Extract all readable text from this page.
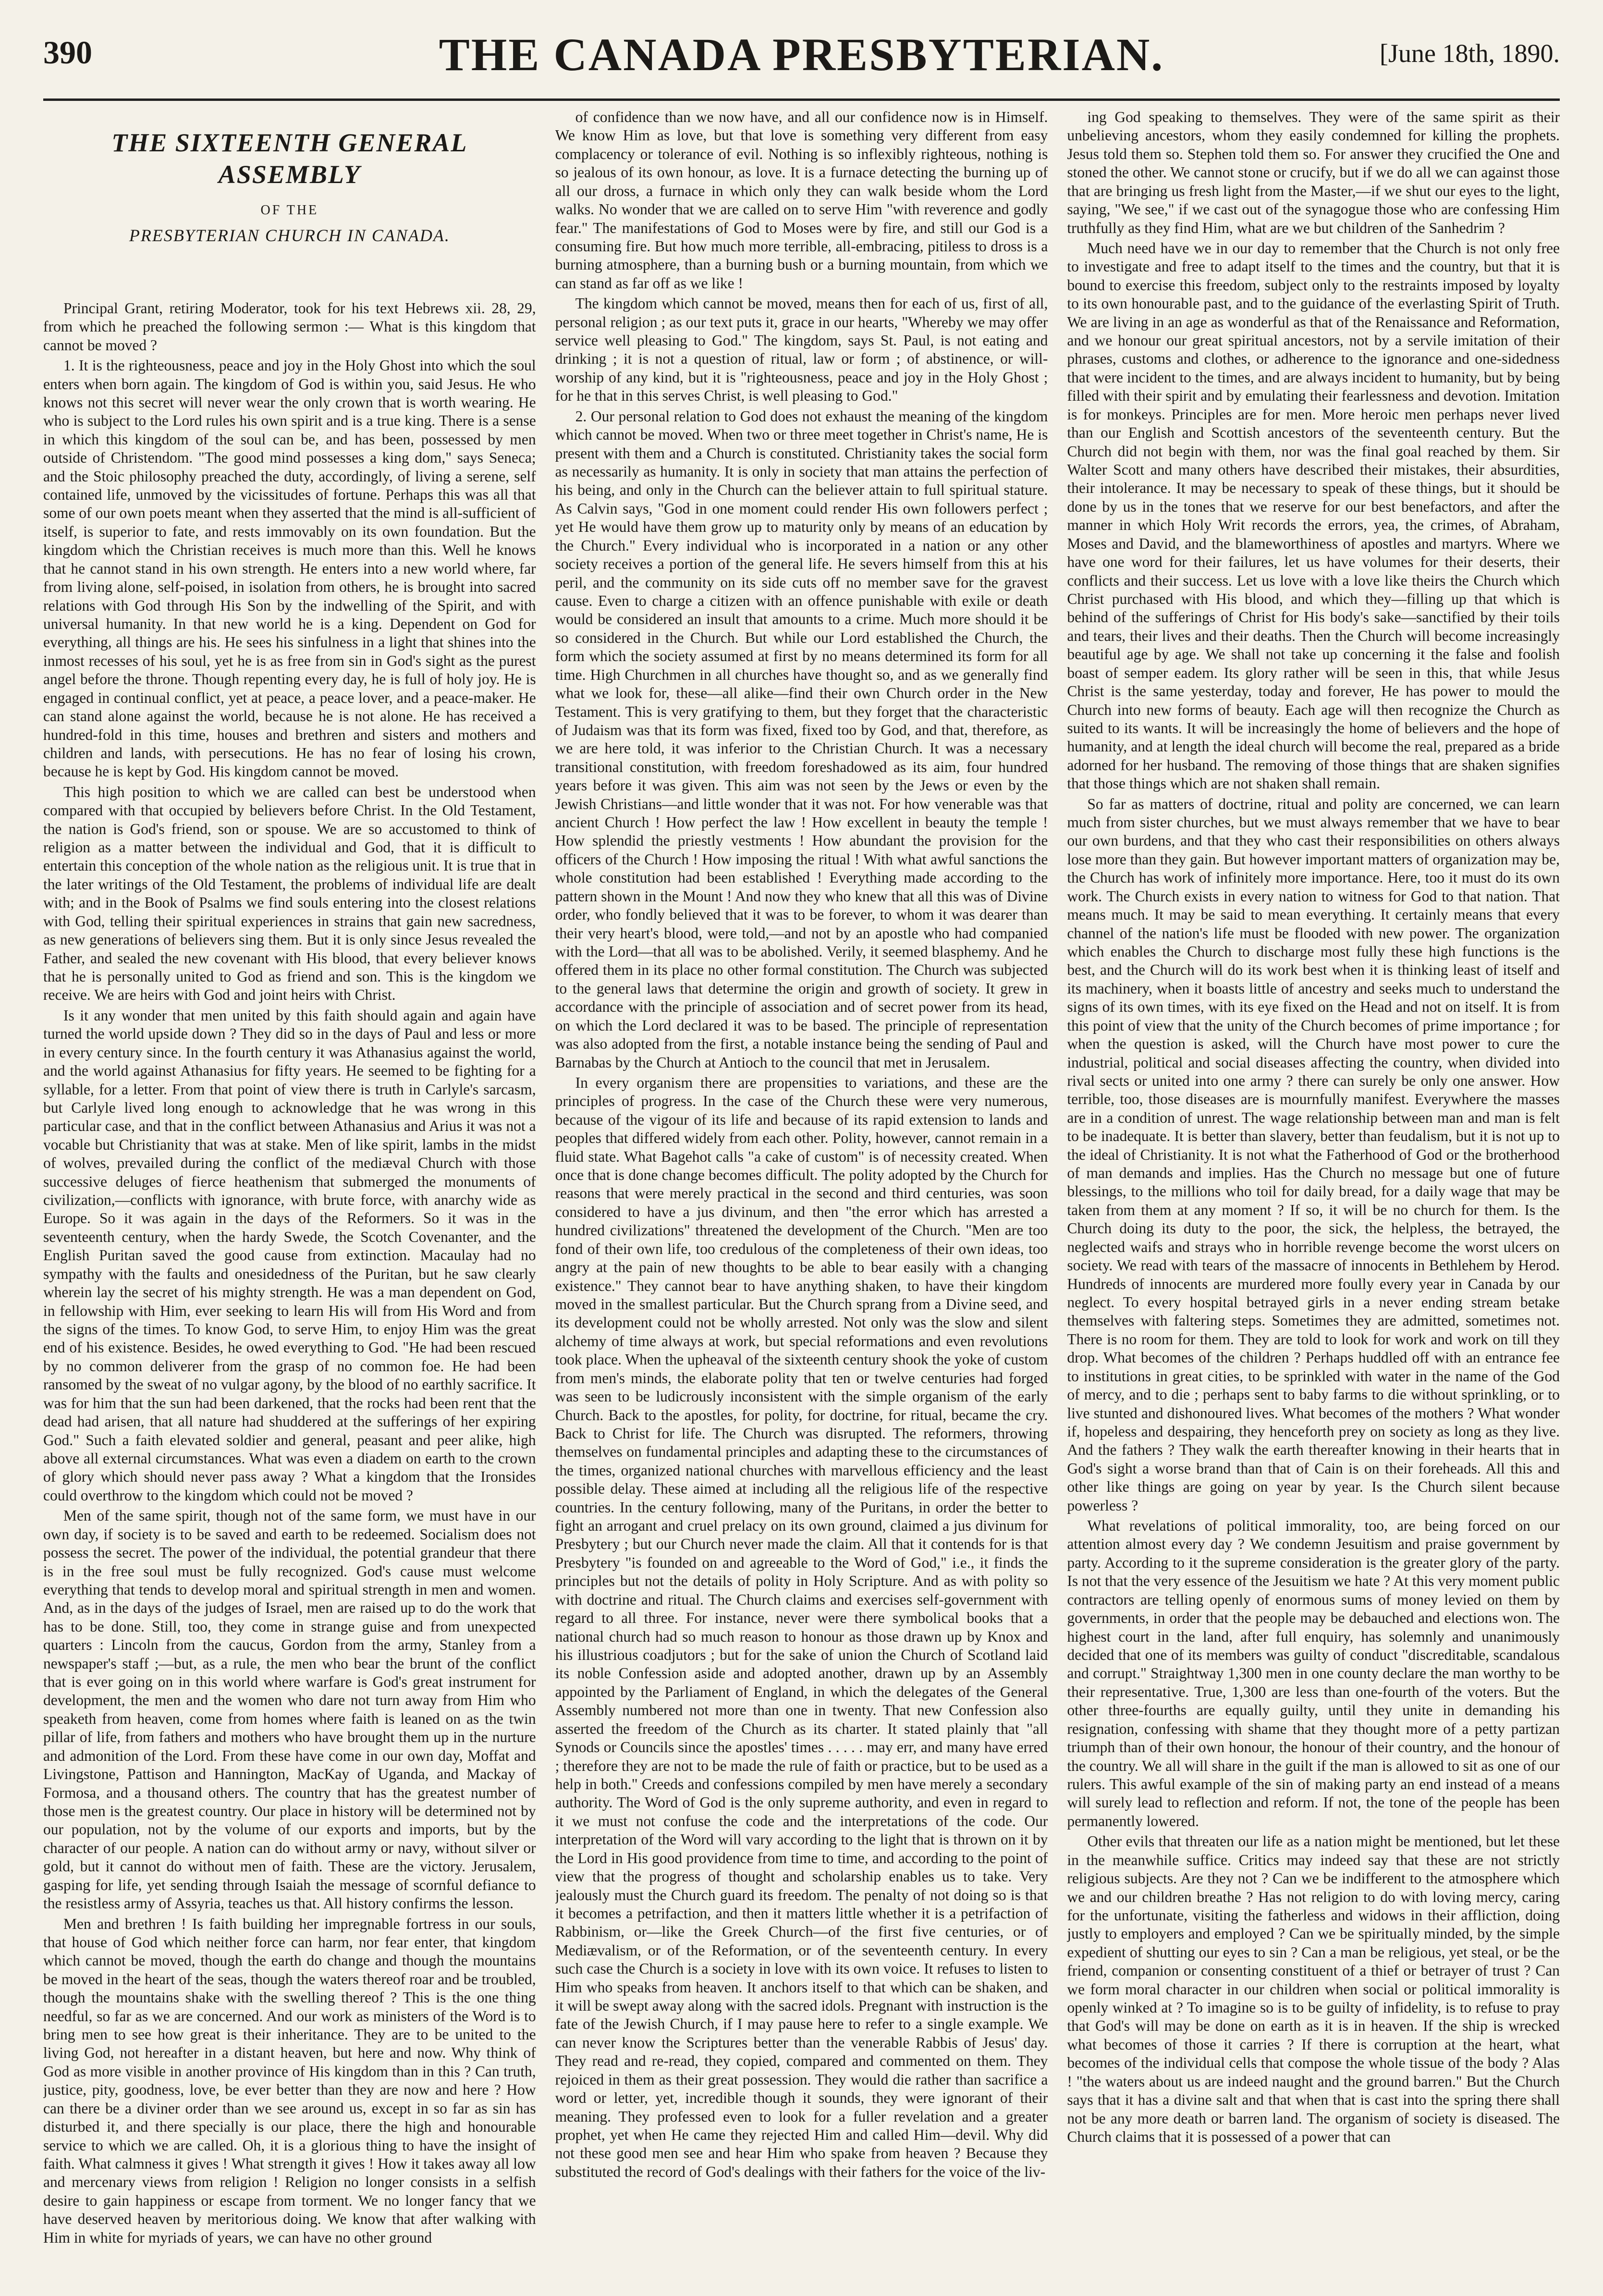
390	THE CANADA PRESBYTERIAN.	[June 18th, 1890.
THE SIXTEENTH GENERAL ASSEMBLY
OF THE
PRESBYTERIAN CHURCH IN CANADA.

Principal Grant, retiring Moderator, took for his text Hebrews xii. 28, 29, from which he preached the following sermon :— What is this kingdom that cannot be moved ?

1. It is the righteousness, peace and joy in the Holy Ghost into which the soul enters when born again. The kingdom of God is within you, said Jesus. He who knows not this secret will never wear the only crown that is worth wearing. He who is subject to the Lord rules his own spirit and is a true king. There is a sense in which this kingdom of the soul can be, and has been, possessed by men outside of Christendom. "The good mind possesses a king dom," says Seneca; and the Stoic philosophy preached the duty, accordingly, of living a serene, self contained life, unmoved by the vicissitudes of fortune. Perhaps this was all that some of our own poets meant when they asserted that the mind is all-sufficient of itself, is superior to fate, and rests immovably on its own foundation. But the kingdom which the Christian receives is much more than this. Well he knows that he cannot stand in his own strength. He enters into a new world where, far from living alone, self-poised, in isolation from others, he is brought into sacred relations with God through His Son by the indwelling of the Spirit, and with universal humanity. In that new world he is a king. Dependent on God for everything, all things are his. He sees his sinfulness in a light that shines into the inmost recesses of his soul, yet he is as free from sin in God's sight as the purest angel before the throne. Though repenting every day, he is full of holy joy. He is engaged in continual conflict, yet at peace, a peace lover, and a peace-maker. He can stand alone against the world, because he is not alone. He has received a hundred-fold in this time, houses and brethren and sisters and mothers and children and lands, with persecutions. He has no fear of losing his crown, because he is kept by God. His kingdom cannot be moved.

This high position to which we are called can best be understood when compared with that occupied by believers before Christ. In the Old Testament, the nation is God's friend, son or spouse. We are so accustomed to think of religion as a matter between the individual and God, that it is difficult to entertain this conception of the whole nation as the religious unit. It is true that in the later writings of the Old Testament, the problems of individual life are dealt with; and in the Book of Psalms we find souls entering into the closest relations with God, telling their spiritual experiences in strains that gain new sacredness, as new generations of believers sing them. But it is only since Jesus revealed the Father, and sealed the new covenant with His blood, that every believer knows that he is personally united to God as friend and son. This is the kingdom we receive. We are heirs with God and joint heirs with Christ.

Is it any wonder that men united by this faith should again and again have turned the world upside down ? They did so in the days of Paul and less or more in every century since. In the fourth century it was Athanasius against the world, and the world against Athanasius for fifty years. He seemed to be fighting for a syllable, for a letter. From that point of view there is truth in Carlyle's sarcasm, but Carlyle lived long enough to acknowledge that he was wrong in this particular case, and that in the conflict between Athanasius and Arius it was not a vocable but Christianity that was at stake. Men of like spirit, lambs in the midst of wolves, prevailed during the conflict of the mediæval Church with those successive deluges of fierce heathenism that submerged the monuments of civilization,—conflicts with ignorance, with brute force, with anarchy wide as Europe. So it was again in the days of the Reformers. So it was in the seventeenth century, when the hardy Swede, the Scotch Covenanter, and the English Puritan saved the good cause from extinction. Macaulay had no sympathy with the faults and onesidedness of the Puritan, but he saw clearly wherein lay the secret of his mighty strength. He was a man dependent on God, in fellowship with Him, ever seeking to learn His will from His Word and from the signs of the times. To know God, to serve Him, to enjoy Him was the great end of his existence. Besides, he owed everything to God. "He had been rescued by no common deliverer from the grasp of no common foe. He had been ransomed by the sweat of no vulgar agony, by the blood of no earthly sacrifice. It was for him that the sun had been darkened, that the rocks had been rent that the dead had arisen, that all nature had shuddered at the sufferings of her expiring God." Such a faith elevated soldier and general, peasant and peer alike, high above all external circumstances. What was even a diadem on earth to the crown of glory which should never pass away ? What a kingdom that the Ironsides could overthrow to the kingdom which could not be moved ?

Men of the same spirit, though not of the same form, we must have in our own day, if society is to be saved and earth to be redeemed. Socialism does not possess the secret. The power of the individual, the potential grandeur that there is in the free soul must be fully recognized. God's cause must welcome everything that tends to develop moral and spiritual strength in men and women. And, as in the days of the judges of Israel, men are raised up to do the work that has to be done. Still, too, they come in strange guise and from unexpected quarters : Lincoln from the caucus, Gordon from the army, Stanley from a newspaper's staff ;—but, as a rule, the men who bear the brunt of the conflict that is ever going on in this world where warfare is God's great instrument for development, the men and the women who dare not turn away from Him who speaketh from heaven, come from homes where faith is leaned on as the twin pillar of life, from fathers and mothers who have brought them up in the nurture and admonition of the Lord. From these have come in our own day, Moffat and Livingstone, Pattison and Hannington, MacKay of Uganda, and Mackay of Formosa, and a thousand others. The country that has the greatest number of those men is the greatest country. Our place in history will be determined not by our population, not by the volume of our exports and imports, but by the character of our people. A nation can do without army or navy, without silver or gold, but it cannot do without men of faith. These are the victory. Jerusalem, gasping for life, yet sending through Isaiah the message of scornful defiance to the resistless army of Assyria, teaches us that. All history confirms the lesson.

Men and brethren ! Is faith building her impregnable fortress in our souls, that house of God which neither force can harm, nor fear enter, that kingdom which cannot be moved, though the earth do change and though the mountains be moved in the heart of the seas, though the waters thereof roar and be troubled, though the mountains shake with the swelling thereof ? This is the one thing needful, so far as we are concerned. And our work as ministers of the Word is to bring men to see how great is their inheritance. They are to be united to the living God, not hereafter in a distant heaven, but here and now. Why think of God as more visible in another province of His kingdom than in this ? Can truth, justice, pity, goodness, love, be ever better than they are now and here ? How can there be a diviner order than we see around us, except in so far as sin has disturbed it, and there specially is our place, there the high and honourable service to which we are called. Oh, it is a glorious thing to have the insight of faith. What calmness it gives ! What strength it gives ! How it takes away all low and mercenary views from religion ! Religion no longer consists in a selfish desire to gain happiness or escape from torment. We no longer fancy that we have deserved heaven by meritorious doing. We know that after walking with Him in white for myriads of years, we can have no other ground

of confidence than we now have, and all our confidence now is in Himself. We know Him as love, but that love is something very different from easy complacency or tolerance of evil. Nothing is so inflexibly righteous, nothing is so jealous of its own honour, as love. It is a furnace detecting the burning up of all our dross, a furnace in which only they can walk beside whom the Lord walks. No wonder that we are called on to serve Him "with reverence and godly fear." The manifestations of God to Moses were by fire, and still our God is a consuming fire. But how much more terrible, all-embracing, pitiless to dross is a burning atmosphere, than a burning bush or a burning mountain, from which we can stand as far off as we like !

The kingdom which cannot be moved, means then for each of us, first of all, personal religion ; as our text puts it, grace in our hearts, "Whereby we may offer service well pleasing to God." The kingdom, says St. Paul, is not eating and drinking ; it is not a question of ritual, law or form ; of abstinence, or will-worship of any kind, but it is "righteousness, peace and joy in the Holy Ghost ; for he that in this serves Christ, is well pleasing to God."

2. Our personal relation to God does not exhaust the meaning of the kingdom which cannot be moved. When two or three meet together in Christ's name, He is present with them and a Church is constituted. Christianity takes the social form as necessarily as humanity. It is only in society that man attains the perfection of his being, and only in the Church can the believer attain to full spiritual stature. As Calvin says, "God in one moment could render His own followers perfect ; yet He would have them grow up to maturity only by means of an education by the Church." Every individual who is incorporated in a nation or any other society receives a portion of the general life. He severs himself from this at his peril, and the community on its side cuts off no member save for the gravest cause. Even to charge a citizen with an offence punishable with exile or death would be considered an insult that amounts to a crime. Much more should it be so considered in the Church. But while our Lord established the Church, the form which the society assumed at first by no means determined its form for all time. High Churchmen in all churches have thought so, and as we generally find what we look for, these—all alike—find their own Church order in the New Testament. This is very gratifying to them, but they forget that the characteristic of Judaism was that its form was fixed, fixed too by God, and that, therefore, as we are here told, it was inferior to the Christian Church. It was a necessary transitional constitution, with freedom foreshadowed as its aim, four hundred years before it was given. This aim was not seen by the Jews or even by the Jewish Christians—and little wonder that it was not. For how venerable was that ancient Church ! How perfect the law ! How excellent in beauty the temple ! How splendid the priestly vestments ! How abundant the provision for the officers of the Church ! How imposing the ritual ! With what awful sanctions the whole constitution had been established ! Everything made according to the pattern shown in the Mount ! And now they who knew that all this was of Divine order, who fondly believed that it was to be forever, to whom it was dearer than their very heart's blood, were told,—and not by an apostle who had companied with the Lord—that all was to be abolished. Verily, it seemed blasphemy. And he offered them in its place no other formal constitution. The Church was subjected to the general laws that determine the origin and growth of society. It grew in accordance with the principle of association and of secret power from its head, on which the Lord declared it was to be based. The principle of representation was also adopted from the first, a notable instance being the sending of Paul and Barnabas by the Church at Antioch to the council that met in Jerusalem.

In every organism there are propensities to variations, and these are the principles of progress. In the case of the Church these were very numerous, because of the vigour of its life and because of its rapid extension to lands and peoples that differed widely from each other. Polity, however, cannot remain in a fluid state. What Bagehot calls "a cake of custom" is of necessity created. When once that is done change becomes difficult. The polity adopted by the Church for reasons that were merely practical in the second and third centuries, was soon considered to have a jus divinum, and then "the error which has arrested a hundred civilizations" threatened the development of the Church. "Men are too fond of their own life, too credulous of the completeness of their own ideas, too angry at the pain of new thoughts to be able to bear easily with a changing existence." They cannot bear to have anything shaken, to have their kingdom moved in the smallest particular. But the Church sprang from a Divine seed, and its development could not be wholly arrested. Not only was the slow and silent alchemy of time always at work, but special reformations and even revolutions took place. When the upheaval of the sixteenth century shook the yoke of custom from men's minds, the elaborate polity that ten or twelve centuries had forged was seen to be ludicrously inconsistent with the simple organism of the early Church. Back to the apostles, for polity, for doctrine, for ritual, became the cry. Back to Christ for life. The Church was disrupted. The reformers, throwing themselves on fundamental principles and adapting these to the circumstances of the times, organized national churches with marvellous efficiency and the least possible delay. These aimed at including all the religious life of the respective countries. In the century following, many of the Puritans, in order the better to fight an arrogant and cruel prelacy on its own ground, claimed a jus divinum for Presbytery ; but our Church never made the claim. All that it contends for is that Presbytery "is founded on and agreeable to the Word of God," i.e., it finds the principles but not the details of polity in Holy Scripture. And as with polity so with doctrine and ritual. The Church claims and exercises self-government with regard to all three. For instance, never were there symbolical books that a national church had so much reason to honour as those drawn up by Knox and his illustrious coadjutors ; but for the sake of union the Church of Scotland laid its noble Confession aside and adopted another, drawn up by an Assembly appointed by the Parliament of England, in which the delegates of the General Assembly numbered not more than one in twenty. That new Confession also asserted the freedom of the Church as its charter. It stated plainly that "all Synods or Councils since the apostles' times . . . . . may err, and many have erred ; therefore they are not to be made the rule of faith or practice, but to be used as a help in both." Creeds and confessions compiled by men have merely a secondary authority. The Word of God is the only supreme authority, and even in regard to it we must not confuse the code and the interpretations of the code. Our interpretation of the Word will vary according to the light that is thrown on it by the Lord in His good providence from time to time, and according to the point of view that the progress of thought and scholarship enables us to take. Very jealously must the Church guard its freedom. The penalty of not doing so is that it becomes a petrifaction, and then it matters little whether it is a petrifaction of Rabbinism, or—like the Greek Church—of the first five centuries, or of Mediævalism, or of the Reformation, or of the seventeenth century. In every such case the Church is a society in love with its own voice. It refuses to listen to Him who speaks from heaven. It anchors itself to that which can be shaken, and it will be swept away along with the sacred idols. Pregnant with instruction is the fate of the Jewish Church, if I may pause here to refer to a single example. We can never know the Scriptures better than the venerable Rabbis of Jesus' day. They read and re-read, they copied, compared and commented on them. They rejoiced in them as their great possession. They would die rather than sacrifice a word or letter, yet, incredible though it sounds, they were ignorant of their meaning. They professed even to look for a fuller revelation and a greater prophet, yet when He came they rejected Him and called Him—devil. Why did not these good men see and hear Him who spake from heaven ? Because they substituted the record of God's dealings with their fathers for the voice of the liv-

ing God speaking to themselves. They were of the same spirit as their unbelieving ancestors, whom they easily condemned for killing the prophets. Jesus told them so. Stephen told them so. For answer they crucified the One and stoned the other. We cannot stone or crucify, but if we do all we can against those that are bringing us fresh light from the Master,—if we shut our eyes to the light, saying, "We see," if we cast out of the synagogue those who are confessing Him truthfully as they find Him, what are we but children of the Sanhedrim ?

Much need have we in our day to remember that the Church is not only free to investigate and free to adapt itself to the times and the country, but that it is bound to exercise this freedom, subject only to the restraints imposed by loyalty to its own honourable past, and to the guidance of the everlasting Spirit of Truth. We are living in an age as wonderful as that of the Renaissance and Reformation, and we honour our great spiritual ancestors, not by a servile imitation of their phrases, customs and clothes, or adherence to the ignorance and one-sidedness that were incident to the times, and are always incident to humanity, but by being filled with their spirit and by emulating their fearlessness and devotion. Imitation is for monkeys. Principles are for men. More heroic men perhaps never lived than our English and Scottish ancestors of the seventeenth century. But the Church did not begin with them, nor was the final goal reached by them. Sir Walter Scott and many others have described their mistakes, their absurdities, their intolerance. It may be necessary to speak of these things, but it should be done by us in the tones that we reserve for our best benefactors, and after the manner in which Holy Writ records the errors, yea, the crimes, of Abraham, Moses and David, and the blameworthiness of apostles and martyrs. Where we have one word for their failures, let us have volumes for their deserts, their conflicts and their success. Let us love with a love like theirs the Church which Christ purchased with His blood, and which they—filling up that which is behind of the sufferings of Christ for His body's sake—sanctified by their toils and tears, their lives and their deaths. Then the Church will become increasingly beautiful age by age. We shall not take up concerning it the false and foolish boast of semper eadem. Its glory rather will be seen in this, that while Jesus Christ is the same yesterday, today and forever, He has power to mould the Church into new forms of beauty. Each age will then recognize the Church as suited to its wants. It will be increasingly the home of believers and the hope of humanity, and at length the ideal church will become the real, prepared as a bride adorned for her husband. The removing of those things that are shaken signifies that those things which are not shaken shall remain.

So far as matters of doctrine, ritual and polity are concerned, we can learn much from sister churches, but we must always remember that we have to bear our own burdens, and that they who cast their responsibilities on others always lose more than they gain. But however important matters of organization may be, the Church has work of infinitely more importance. Here, too it must do its own work. The Church exists in every nation to witness for God to that nation. That means much. It may be said to mean everything. It certainly means that every channel of the nation's life must be flooded with new power. The organization which enables the Church to discharge most fully these high functions is the best, and the Church will do its work best when it is thinking least of itself and its machinery, when it boasts little of ancestry and seeks much to understand the signs of its own times, with its eye fixed on the Head and not on itself. It is from this point of view that the unity of the Church becomes of prime importance ; for when the question is asked, will the Church have most power to cure the industrial, political and social diseases affecting the country, when divided into rival sects or united into one army ? there can surely be only one answer. How terrible, too, those diseases are is mournfully manifest. Everywhere the masses are in a condition of unrest. The wage relationship between man and man is felt to be inadequate. It is better than slavery, better than feudalism, but it is not up to the ideal of Christianity. It is not what the Fatherhood of God or the brotherhood of man demands and implies. Has the Church no message but one of future blessings, to the millions who toil for daily bread, for a daily wage that may be taken from them at any moment ? If so, it will be no church for them. Is the Church doing its duty to the poor, the sick, the helpless, the betrayed, the neglected waifs and strays who in horrible revenge become the worst ulcers on society. We read with tears of the massacre of innocents in Bethlehem by Herod. Hundreds of innocents are murdered more foully every year in Canada by our neglect. To every hospital betrayed girls in a never ending stream betake themselves with faltering steps. Sometimes they are admitted, sometimes not. There is no room for them. They are told to look for work and work on till they drop. What becomes of the children ? Perhaps huddled off with an entrance fee to institutions in great cities, to be sprinkled with water in the name of the God of mercy, and to die ; perhaps sent to baby farms to die without sprinkling, or to live stunted and dishonoured lives. What becomes of the mothers ? What wonder if, hopeless and despairing, they henceforth prey on society as long as they live. And the fathers ? They walk the earth thereafter knowing in their hearts that in God's sight a worse brand than that of Cain is on their foreheads. All this and other like things are going on year by year. Is the Church silent because powerless ?

What revelations of political immorality, too, are being forced on our attention almost every day ? We condemn Jesuitism and praise government by party. According to it the supreme consideration is the greater glory of the party. Is not that the very essence of the Jesuitism we hate ? At this very moment public contractors are telling openly of enormous sums of money levied on them by governments, in order that the people may be debauched and elections won. The highest court in the land, after full enquiry, has solemnly and unanimously decided that one of its members was guilty of conduct "discreditable, scandalous and corrupt." Straightway 1,300 men in one county declare the man worthy to be their representative. True, 1,300 are less than one-fourth of the voters. But the other three-fourths are equally guilty, until they unite in demanding his resignation, confessing with shame that they thought more of a petty partizan triumph than of their own honour, the honour of their country, and the honour of the country. We all will share in the guilt if the man is allowed to sit as one of our rulers. This awful example of the sin of making party an end instead of a means will surely lead to reflection and reform. If not, the tone of the people has been permanently lowered.

Other evils that threaten our life as a nation might be mentioned, but let these in the meanwhile suffice. Critics may indeed say that these are not strictly religious subjects. Are they not ? Can we be indifferent to the atmosphere which we and our children breathe ? Has not religion to do with loving mercy, caring for the unfortunate, visiting the fatherless and widows in their affliction, doing justly to employers and employed ? Can we be spiritually minded, by the simple expedient of shutting our eyes to sin ? Can a man be religious, yet steal, or be the friend, companion or consenting constituent of a thief or betrayer of trust ? Can we form moral character in our children when social or political immorality is openly winked at ? To imagine so is to be guilty of infidelity, is to refuse to pray that God's will may be done on earth as it is in heaven. If the ship is wrecked what becomes of those it carries ? If there is corruption at the heart, what becomes of the individual cells that compose the whole tissue of the body ? Alas ! "the waters about us are indeed naught and the ground barren." But the Church says that it has a divine salt and that when that is cast into the spring there shall not be any more death or barren land. The organism of society is diseased. The Church claims that it is possessed of a power that can
